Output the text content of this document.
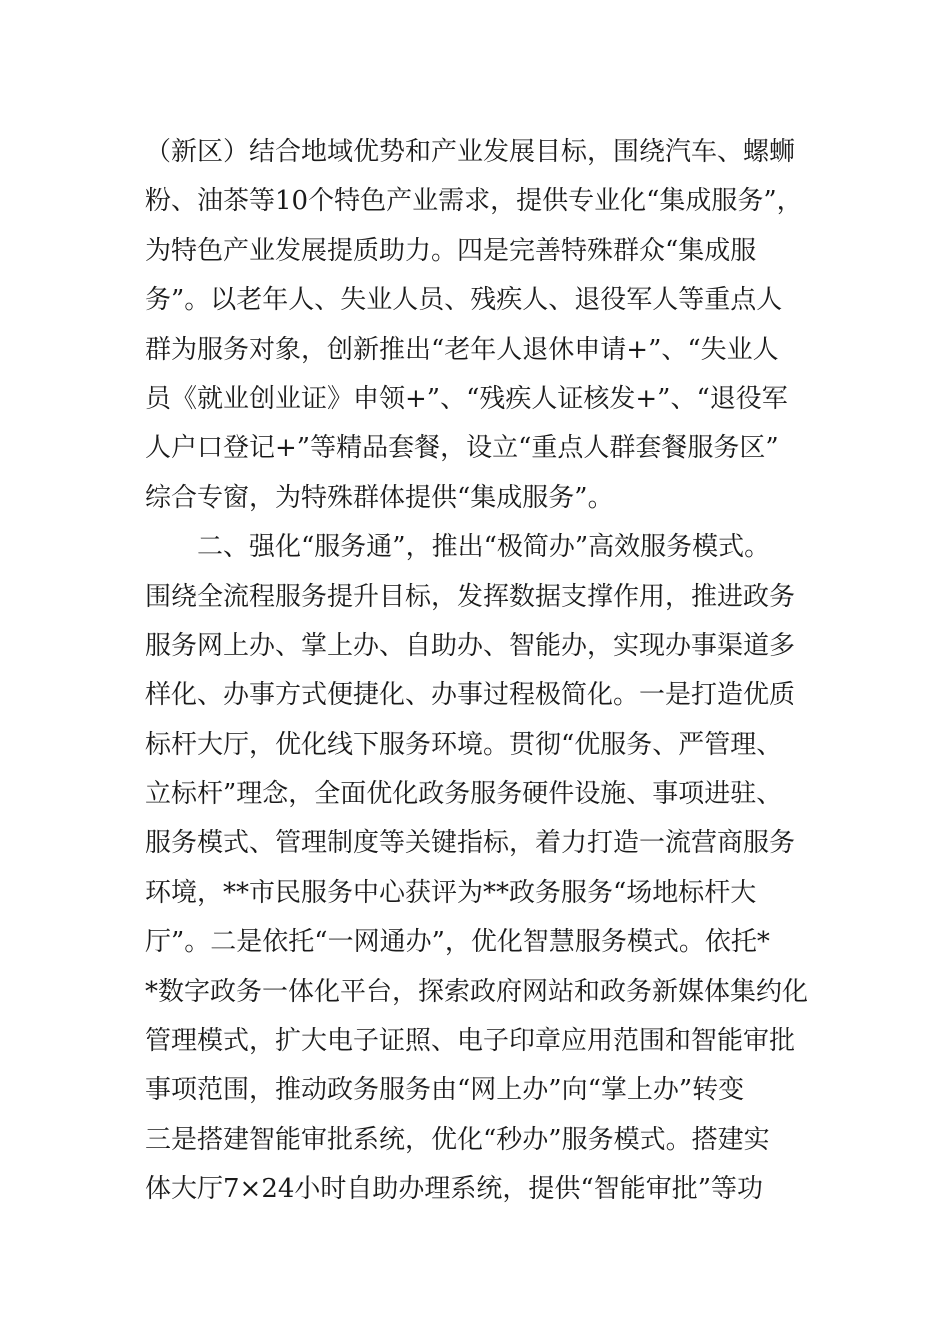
（新区）结合地域优势和产业发展目标，围绕汽车、螺蛳
粉、油茶等10个特色产业需求，提供专业化“集成服务”，
为特色产业发展提质助力。四是完善特殊群众“集成服
务”。以老年人、失业人员、残疾人、退役军人等重点人
群为服务对象，创新推出“老年人退休申请+”、“失业人
员《就业创业证》申领+”、“残疾人证核发+”、“退役军
人户口登记+”等精品套餐，设立“重点人群套餐服务区”
综合专窗，为特殊群体提供“集成服务”。
二、强化“服务通”，推出“极简办”高效服务模式。
围绕全流程服务提升目标，发挥数据支撑作用，推进政务
服务网上办、掌上办、自助办、智能办，实现办事渠道多
样化、办事方式便捷化、办事过程极简化。一是打造优质
标杆大厅，优化线下服务环境。贯彻“优服务、严管理、
立标杆”理念，全面优化政务服务硬件设施、事项进驻、
服务模式、管理制度等关键指标，着力打造一流营商服务
环境，**市民服务中心获评为**政务服务“场地标杆大
厅”。二是依托“一网通办”，优化智慧服务模式。依托*
*数字政务一体化平台，探索政府网站和政务新媒体集约化
管理模式，扩大电子证照、电子印章应用范围和智能审批
事项范围，推动政务服务由“网上办”向“掌上办”转变
三是搭建智能审批系统，优化“秒办”服务模式。搭建实
体大厅7×24小时自助办理系统，提供“智能审批”等功
